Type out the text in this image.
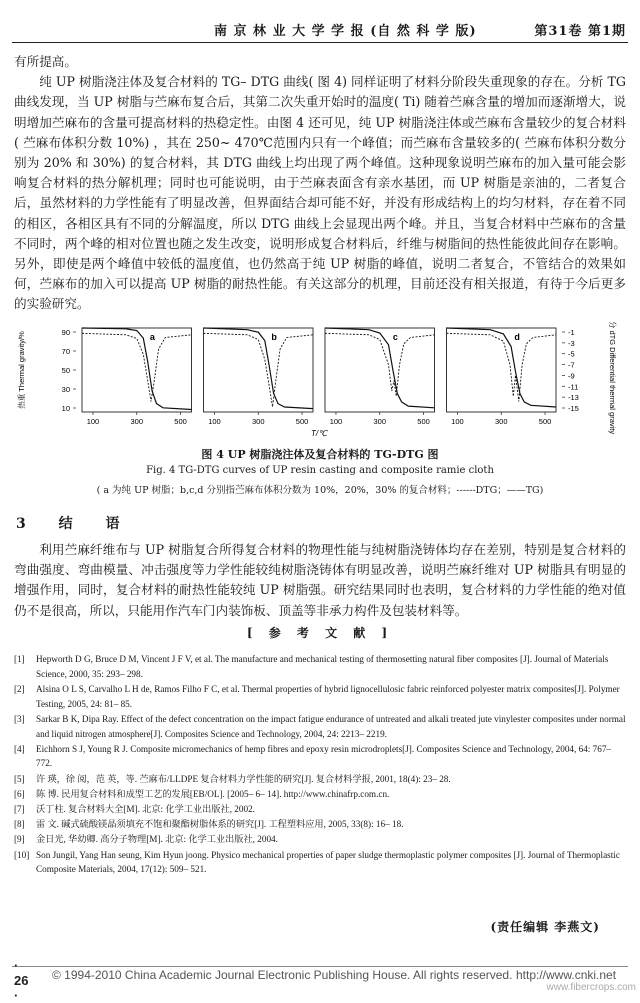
南 京 林 业 大 学 学 报 (自 然 科 学 版)	第31卷 第1期

有所提高。

纯 UP 树脂浇注体及复合材料的 TG– DTG 曲线( 图 4) 同样证明了材料分阶段失重现象的存在。分析 TG 曲线发现，当 UP 树脂与苎麻布复合后，其第二次失重开始时的温度( Ti) 随着苎麻含量的增加而逐渐增大，说明增加苎麻布的含量可提高材料的热稳定性。由图 4 还可见，纯 UP 树脂浇注体或苎麻布含量较少的复合材料( 苎麻布体积分数 10%) ，其在 250~ 470℃范围内只有一个峰值；而苎麻布含量较多的( 苎麻布体积分数分别为 20% 和 30%) 的复合材料，其 DTG 曲线上均出现了两个峰值。这种现象说明苎麻布的加入量可能会影响复合材料的热分解机理；同时也可能说明，由于苎麻表面含有亲水基团，而 UP 树脂是亲油的，二者复合后，虽然材料的力学性能有了明显改善，但界面结合却可能不好，并没有形成结构上的均匀材料，存在着不同的相区，各相区具有不同的分解温度，所以 DTG 曲线上会显现出两个峰。并且，当复合材料中苎麻布的含量不同时，两个峰的相对位置也随之发生改变，说明形成复合材料后，纤维与树脂间的热性能彼此间存在影响。另外，即使是两个峰值中较低的温度值，也仍然高于纯 UP 树脂的峰值，说明二者复合，不管结合的效果如何，苎麻布的加入可以提高 UP 树脂的耐热性能。有关这部分的机理，目前还没有相关报道，有待于今后更多的实验研究。

热重 Thermal gravity/%	微熱分 dTG Differential thermal gravity
90
70
50
30
10
-1
-3
-5
-7
-9
-11
-13
-15
a
100	300	500
b
100	300	500
c
100	300	500
d
100	300	500
T/℃
图 4 UP 树脂浇注体及复合材料的 TG-DTG 图
Fig. 4 TG-DTG curves of UP resin casting and composite ramie cloth
( a 为纯 UP 树脂；b,c,d 分别指苎麻布体积分数为 10%，20%，30% 的复合材料；------DTG；——TG)
3 结 语

利用苎麻纤维布与 UP 树脂复合所得复合材料的物理性能与纯树脂浇铸体均存在差别，特别是复合材料的弯曲强度、弯曲模量、冲击强度等力学性能较纯树脂浇铸体有明显改善，说明苎麻纤维对 UP 树脂具有明显的增强作用，同时，复合材料的耐热性能较纯 UP 树脂强。研究结果同时也表明，复合材料的力学性能的绝对值仍不是很高，所以，只能用作汽车门内装饰板、顶盖等非承力构件及包装材料等。

[ 参 考 文 献 ]
[1]	Hepworth D G, Bruce D M, Vincent J F V, et al. The manufacture and mechanical testing of thermosetting natural fiber composites [J]. Journal of Materials Science, 2000, 35: 293– 298.
[2]	Alsina O L S, Carvalho L H de, Ramos Filho F C, et al. Thermal properties of hybrid lignocellulosic fabric reinforced polyester matrix composites[J]. Polymer Testing, 2005, 24: 81– 85.
[3]	Sarkar B K, Dipa Ray. Effect of the defect concentration on the impact fatigue endurance of untreated and alkali treated jute vinylester composites under normal and liquid nitrogen atmosphere[J]. Composites Science and Technology, 2004, 24: 2213– 2219.
[4]	Eichhorn S J, Young R J. Composite micromechanics of hemp fibres and epoxy resin microdroplets[J]. Composites Science and Technology, 2004, 64: 767– 772.
[5]	许 瑛，徐 阅，范 英，等. 苎麻布/LLDPE 复合材料力学性能的研究[J]. 复合材料学报, 2001, 18(4): 23– 28.
[6]	陈 博. 民用复合材料和成型工艺的发展[EB/OL]. [2005– 6– 14]. http://www.chinafrp.com.cn.
[7]	沃丁柱. 复合材料大全[M]. 北京: 化学工业出版社, 2002.
[8]	雷 文. 碱式硫酸镁晶须填充不饱和聚酯树脂体系的研究[J]. 工程塑料应用, 2005, 33(8): 16– 18.
[9]	金日光, 华幼卿. 高分子物理[M]. 北京: 化学工业出版社, 2004.
[10] Son Jungil, Yang Han seung, Kim Hyun joong. Physico mechanical properties of paper sludge thermoplastic polymer composites [J]. Journal of Thermoplastic Composite Materials, 2004, 17(12): 509– 521.
(责任编辑 李燕文)
· 26 ·
© 1994-2010 China Academic Journal Electronic Publishing House. All rights reserved. http://www.cnki.net
www.fibercrops.com
